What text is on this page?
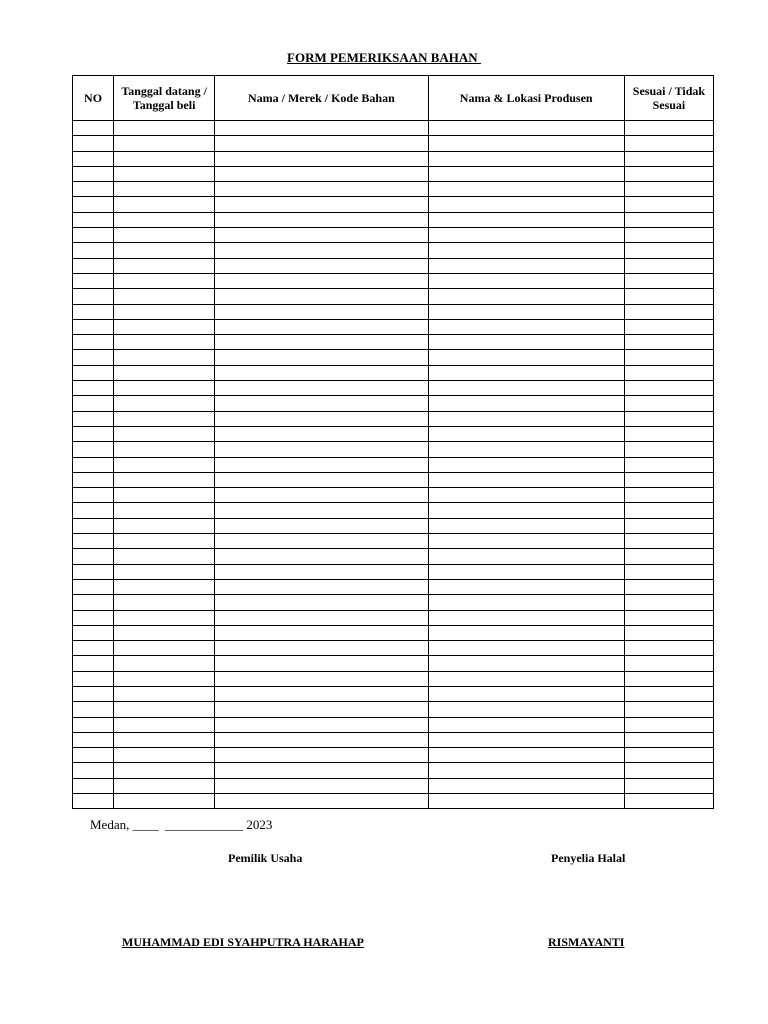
FORM PEMERIKSAAN BAHAN
NO	Tanggal datang / Tanggal beli	Nama / Merek / Kode Bahan	Nama & Lokasi Produsen	Sesuai / Tidak Sesuai

Medan, ____  ____________ 2023
Pemilik Usaha	Penyelia Halal
MUHAMMAD EDI SYAHPUTRA HARAHAP	RISMAYANTI
